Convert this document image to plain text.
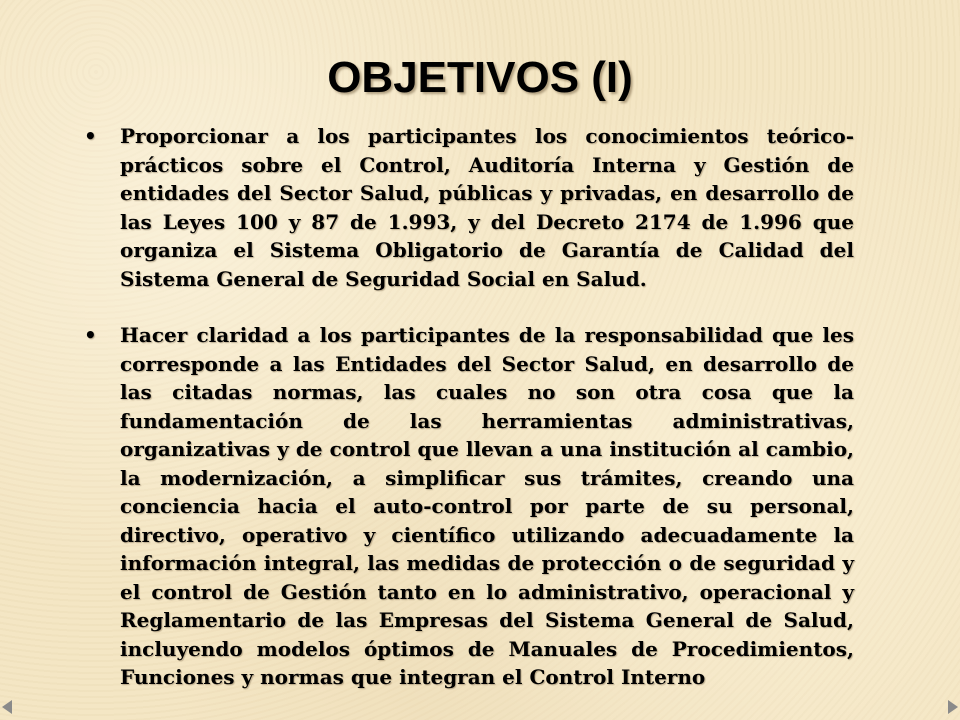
OBJETIVOS (I)
•	Proporcionar a los participantes los conocimientos teórico-prácticos sobre el Control, Auditoría Interna y Gestión de entidades del Sector Salud, públicas y privadas, en desarrollo de las Leyes 100 y 87 de 1.993, y del Decreto 2174 de 1.996 que organiza el Sistema Obligatorio de Garantía de Calidad del Sistema General de Seguridad Social en Salud.
•	Hacer claridad a los participantes de la responsabilidad que les corresponde a las Entidades del Sector Salud, en desarrollo de las citadas normas, las cuales no son otra cosa que la fundamentación de las herramientas administrativas, organizativas y de control que llevan a una institución al cambio, la modernización, a simplificar sus trámites, creando una conciencia hacia el auto-control por parte de su personal, directivo, operativo y científico utilizando adecuadamente la información integral, las medidas de protección o de seguridad y el control de Gestión tanto en lo administrativo, operacional y Reglamentario de las Empresas del Sistema General de Salud, incluyendo modelos óptimos de Manuales de Procedimientos, Funciones y normas que integran el Control Interno
